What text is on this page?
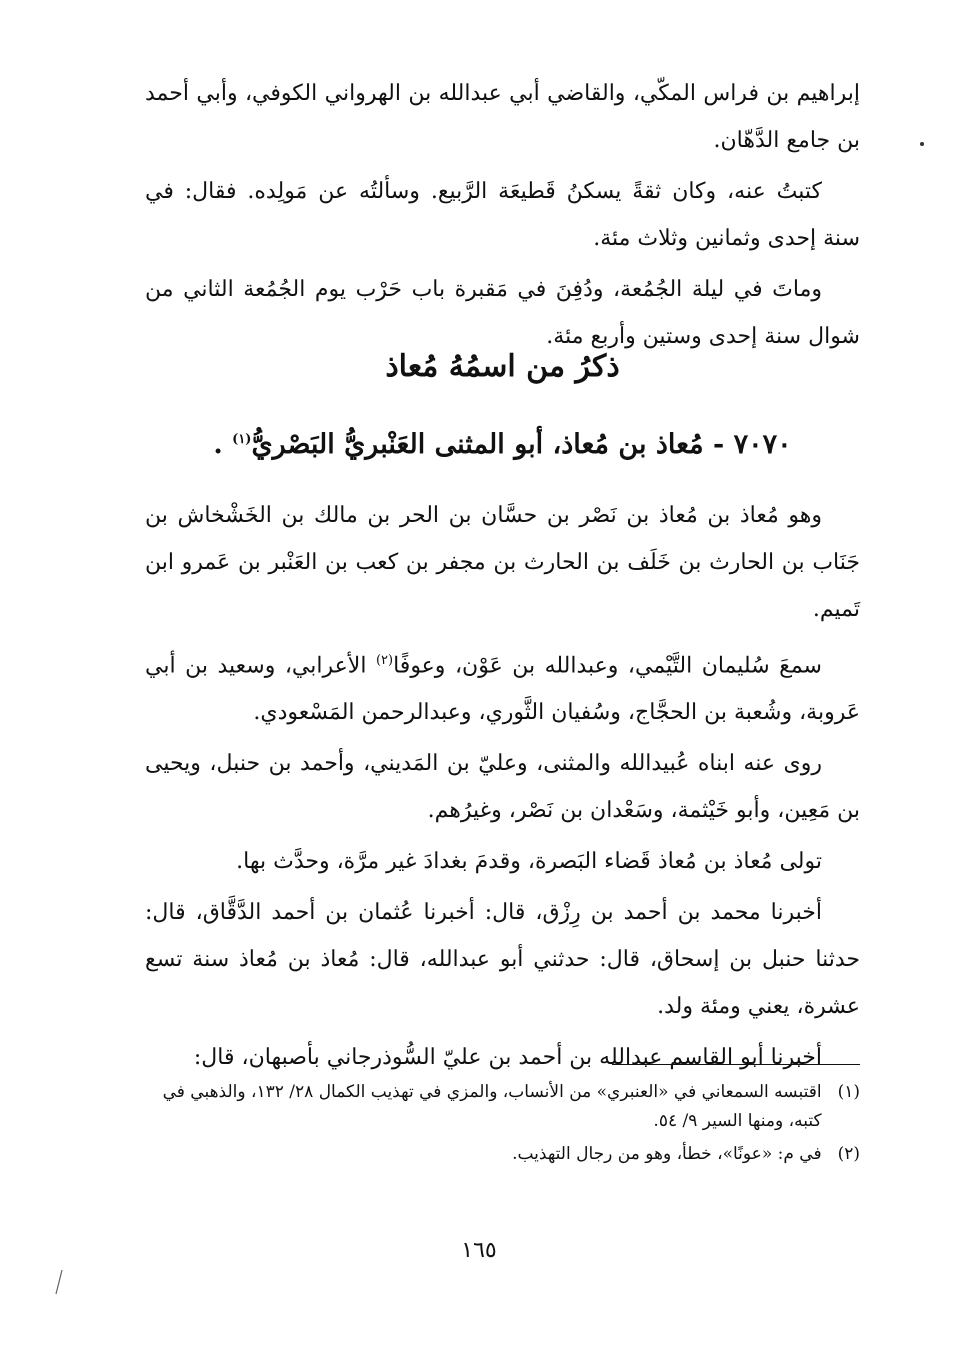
إبراهيم بن فراس المكّي، والقاضي أبي عبدالله بن الهرواني الكوفي، وأبي أحمد بن جامع الدَّهّان.

كتبتُ عنه، وكان ثقةً يسكنُ قَطيعَة الرَّبيع. وسألتُه عن مَولِده. فقال: في سنة إحدى وثمانين وثلاث مئة.

وماتَ في ليلة الجُمُعة، ودُفِنَ في مَقبرة باب حَرْب يوم الجُمُعة الثاني من شوال سنة إحدى وستين وأربع مئة.

ذكرُ من اسمُهُ مُعاذ
٧٠٧٠ - مُعاذ بن مُعاذ، أبو المثنى العَنْبريُّ البَصْريُّ$^{(١)}$ .

وهو مُعاذ بن مُعاذ بن نَصْر بن حسَّان بن الحر بن مالك بن الخَشْخاش بن جَنَاب بن الحارث بن خَلَف بن الحارث بن مجفر بن كعب بن العَنْبر بن عَمرو ابن تَميم.

سمعَ سُليمان التَّيْمي، وعبدالله بن عَوْن، وعوفًا$^{(٢)}$ الأعرابي، وسعيد بن أبي عَروبة، وشُعبة بن الحجَّاج، وسُفيان الثَّوري، وعبدالرحمن المَسْعودي.

روى عنه ابناه عُبيدالله والمثنى، وعليّ بن المَديني، وأحمد بن حنبل، ويحيى بن مَعِين، وأبو خَيْثمة، وسَعْدان بن نَصْر، وغيرُهم.

تولى مُعاذ بن مُعاذ قَضاء البَصرة، وقدمَ بغدادَ غير مرَّة، وحدَّث بها.

أخبرنا محمد بن أحمد بن رِزْق، قال: أخبرنا عُثمان بن أحمد الدَّقَّاق، قال: حدثنا حنبل بن إسحاق، قال: حدثني أبو عبدالله، قال: مُعاذ بن مُعاذ سنة تسع عشرة، يعني ومئة ولد.

أخبرنا أبو القاسم عبدالله بن أحمد بن عليّ السُّوذرجاني بأصبهان، قال:

(١)
اقتبسه السمعاني في «العنبري» من الأنساب، والمزي في تهذيب الكمال ٢٨/ ١٣٢، والذهبي في كتبه، ومنها السير ٩/ ٥٤.
(٢)
في م: «عونًا»، خطأ، وهو من رجال التهذيب.
١٦٥
